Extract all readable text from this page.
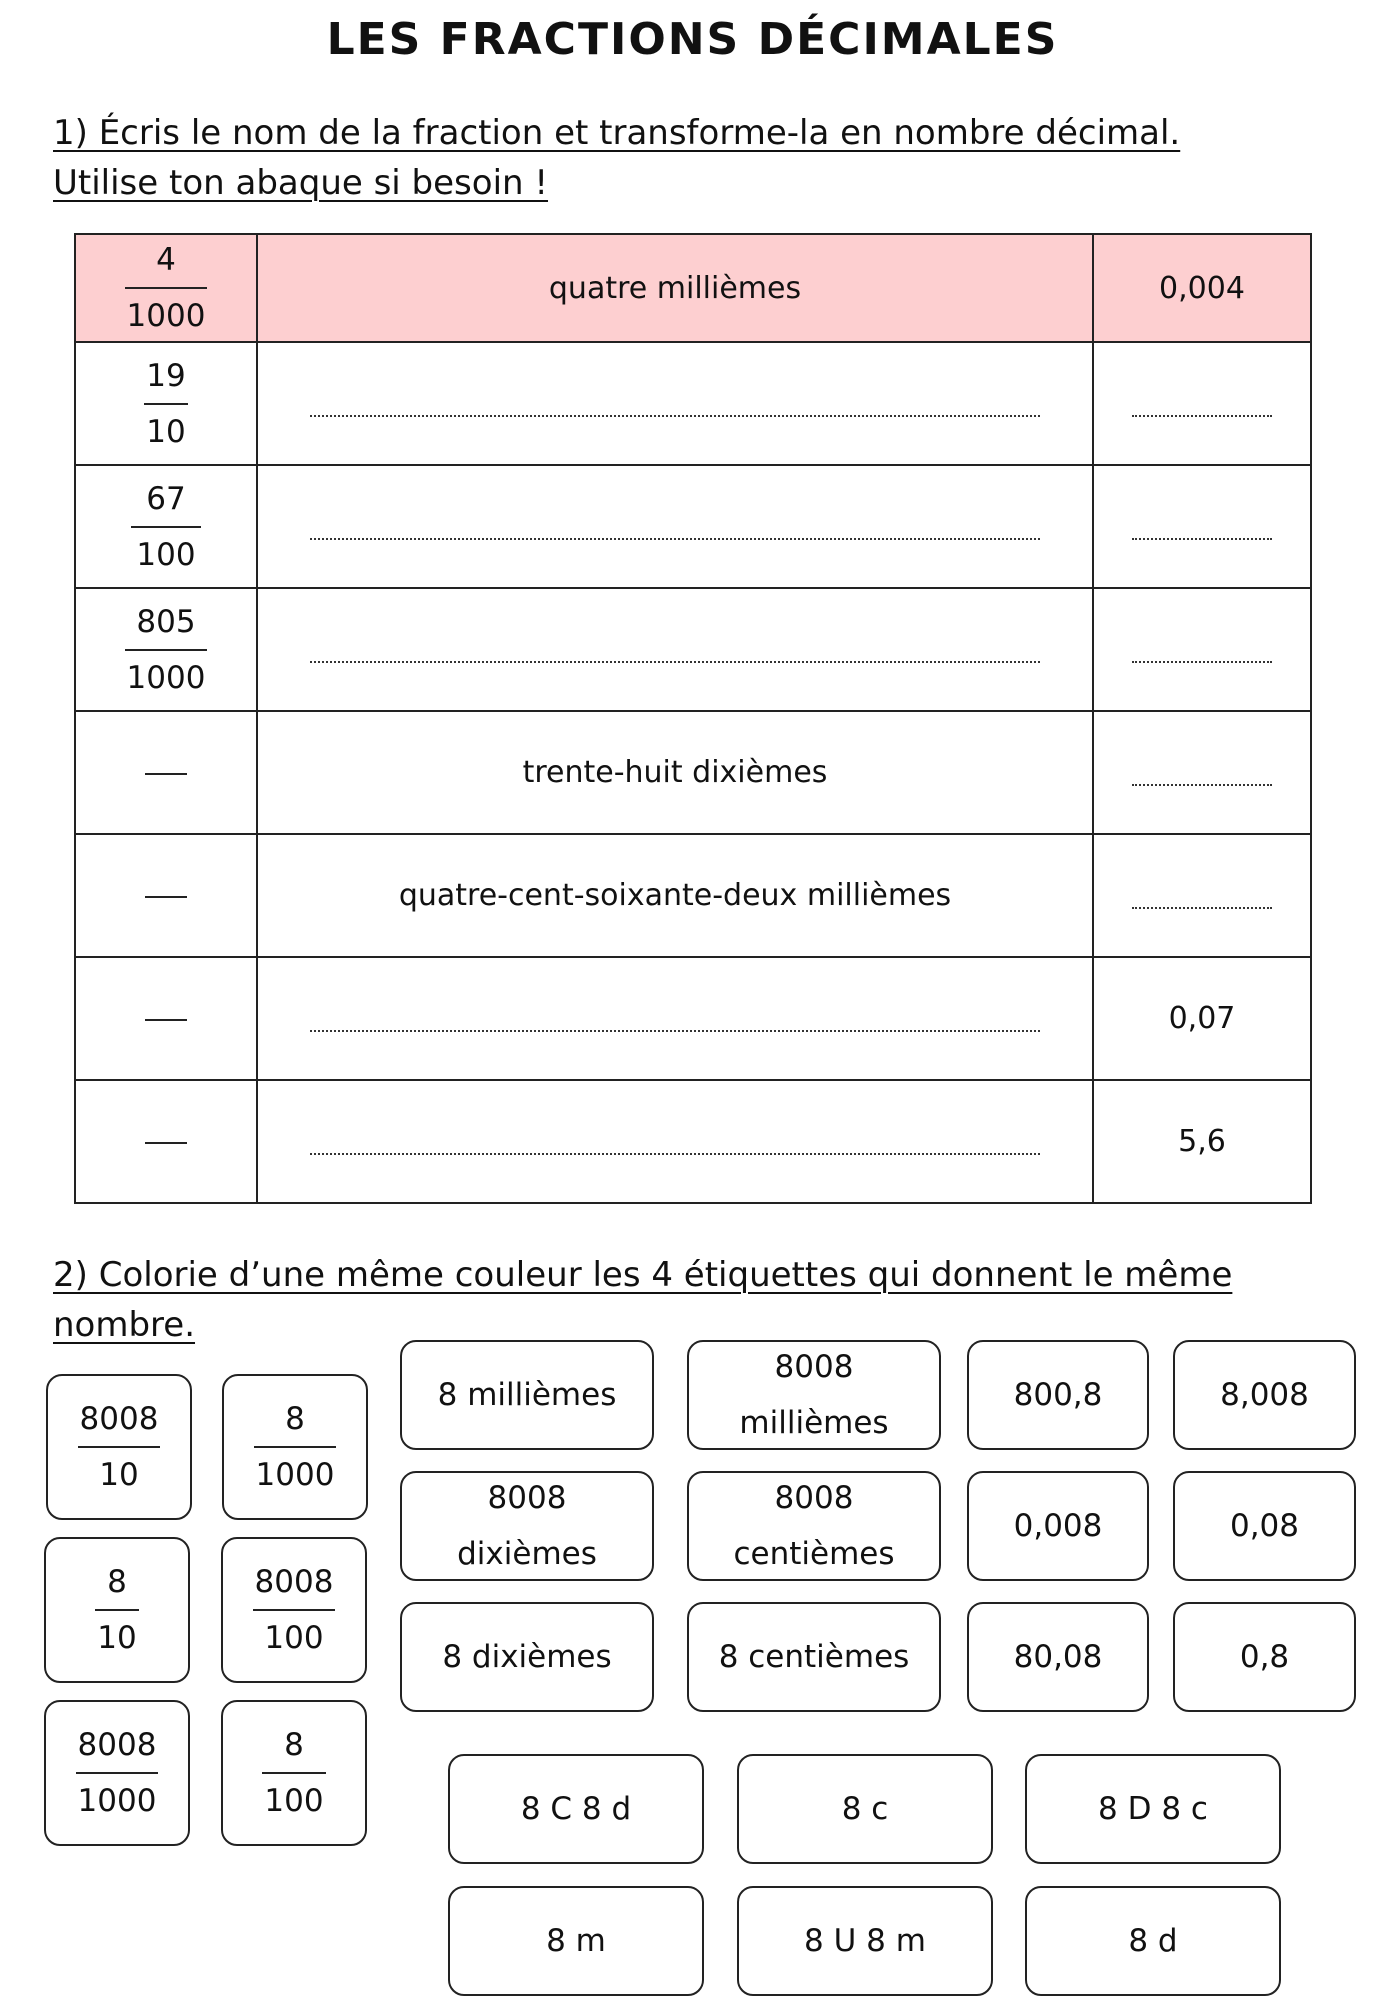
LES FRACTIONS DÉCIMALES
1) Écris le nom de la fraction et transforme-la en nombre décimal.
Utilise ton abaque si besoin !
$\frac{4}{1000}$	quatre millièmes	0,004

$\frac{19}{10}$

$\frac{67}{100}$

$\frac{805}{1000}$

	trente-huit dixièmes	
	quatre-cent-soixante-deux millièmes	
		0,07
		5,6
2) Colorie d’une même couleur les 4 étiquettes qui donnent le même
nombre.
$\frac{8008}{10}$	$\frac{8}{1000}$
$\frac{8}{10}$	$\frac{8008}{100}$
$\frac{8008}{1000}$	$\frac{8}{100}$
8 millièmes
8008
millièmes
8008
dixièmes
8008
centièmes
8 dixièmes	8 centièmes
800,8	8,008
0,008	0,08
80,08	0,8
8 C 8 d	8 c	8 D 8 c
8 m	8 U 8 m	8 d
